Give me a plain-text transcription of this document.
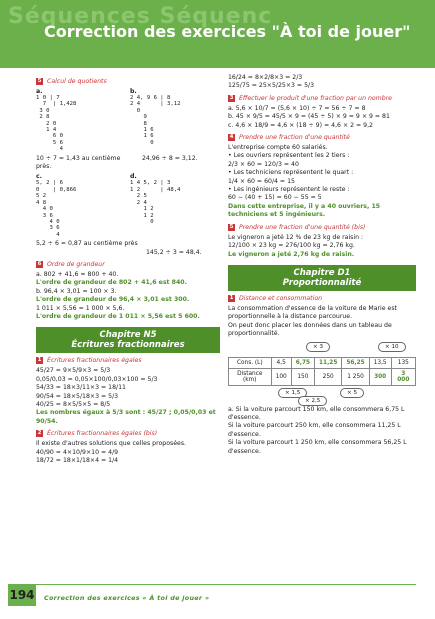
Séquences Séquenc
Correction des exercices "À toi de jouer"
5 Calcul de quotients
a.
1 0 | 7
7  | 1,428
3 0
2 8
2 0
1 4
6 0
5 6
4
b.
2 4, 9 6 | 8
2 4      | 3,12
0
9
8
1 6
1 6
0

10 ÷ 7 ≈ 1,43 au centième près.

24,96 ÷ 8 = 3,12.

c.
5, 2 | 6
0    | 0,866
5 2
4 8
4 0
3 6
4 0
3 6
4
d.
1 4 5, 2 | 3
1 2      | 48,4
2 5
2 4
1 2
1 2
0

5,2 ÷ 6 ≈ 0,87 au centième près

145,2 ÷ 3 = 48,4.

6 Ordre de grandeur

a. 802 + 41,6 ≈ 800 + 40.

L'ordre de grandeur de 802 + 41,6 est 840.

b. 96,4 × 3,01 ≈ 100 × 3.

L'ordre de grandeur de 96,4 × 3,01 est 300.

1 011 × 5,56 ≈ 1 000 × 5,6.

L'ordre de grandeur de 1 011 × 5,56 est 5 600.

Chapitre N5
Écritures fractionnaires
1 Écritures fractionnaires égales

45/27 = 9×5/9×3 = 5/3

0,05/0,03 = 0,05×100/0,03×100 = 5/3

54/33 = 18×3/11×3 = 18/11

90/54 = 18×5/18×3 = 5/3

40/25 = 8×5/5×5 = 8/5

Les nombres égaux à 5/3 sont : 45/27 ; 0,05/0,03 et 90/54.

2 Écritures fractionnaires égales (bis)

Il existe d'autres solutions que celles proposées.

40/90 = 4×10/9×10 = 4/9

18/72 = 18×1/18×4 = 1/4

16/24 = 8×2/8×3 = 2/3

125/75 = 25×5/25×3 = 5/3

3 Effectuer le produit d'une fraction par un nombre

a. 5,6 × 10/7 = (5,6 × 10) ÷ 7 = 56 ÷ 7 = 8

b. 45 × 9/5 = 45/5 × 9 = (45 ÷ 5) × 9 = 9 × 9 = 81

c. 4,6 × 18/9 = 4,6 × (18 ÷ 9) = 4,6 × 2 = 9,2

4 Prendre une fraction d'une quantité

L'entreprise compte 60 salariés.

• Les ouvriers représentent les 2 tiers :

2/3 × 60 = 120/3 = 40

• Les techniciens représentent le quart :

1/4 × 60 = 60/4 = 15

• Les ingénieurs représentent le reste :

60 − (40 + 15) = 60 − 55 = 5

Dans cette entreprise, il y a 40 ouvriers, 15 techniciens et 5 ingénieurs.

5 Prendre une fraction d'une quantité (bis)

Le vigneron a jeté 12 % de 23 kg de raisin :

12/100 × 23 kg = 276/100 kg = 2,76 kg.

Le vigneron a jeté 2,76 kg de raisin.

Chapitre D1
Proportionnalité
1 Distance et consommation

La consommation d'essence de la voiture de Marie est proportionnelle à la distance parcourue.

On peut donc placer les données dans un tableau de proportionnalité.

× 3	× 10
Cons. (L)	4,5	6,75	11,25	56,25	13,5	135
Distance (km)	100	150	250	1 250	300	3 000
× 1,5
× 2,5
× 5

a. Si la voiture parcourt 150 km, elle consommera 6,75 L d'essence.

Si la voiture parcourt 250 km, elle consommera 11,25 L d'essence.

Si la voiture parcourt 1 250 km, elle consommera 56,25 L d'essence.

194 Correction des exercices « À toi de jouer »
